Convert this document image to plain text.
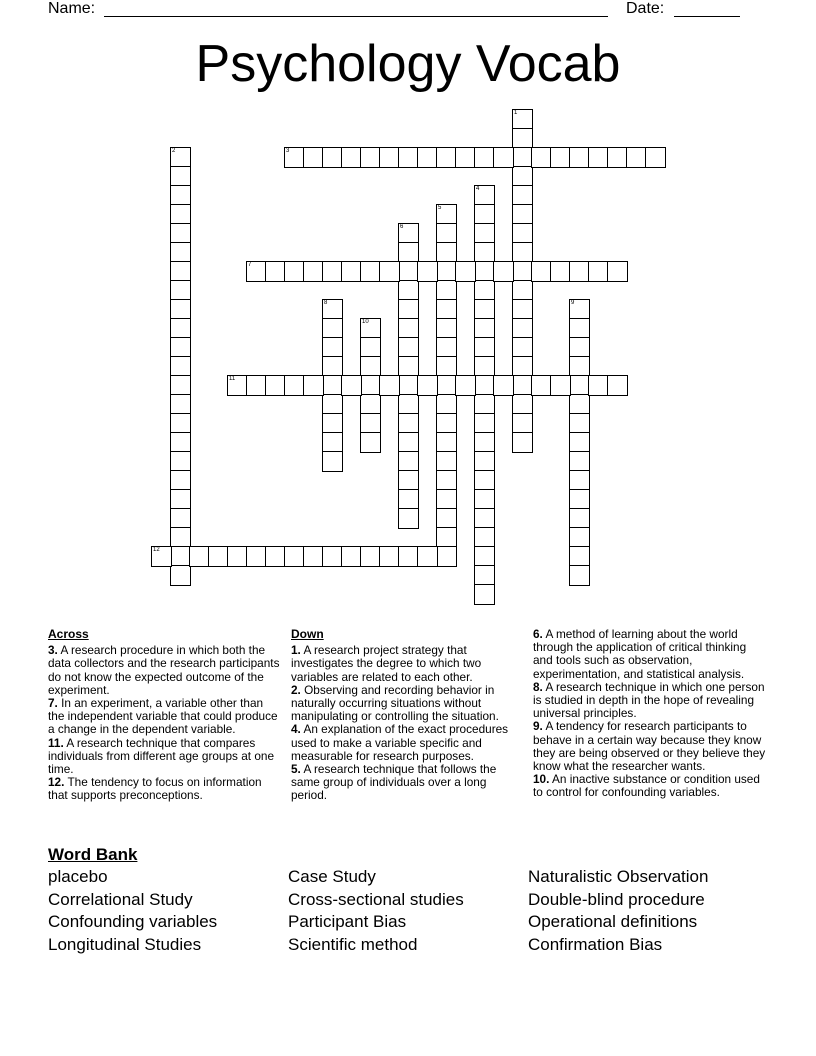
Name:	Date:
Psychology Vocab
1
2	3
4
5
6
7
8	9
10
11
12
Across

3. A research procedure in which both the data collectors and the research participants do not know the expected outcome of the experiment.

7. In an experiment, a variable other than the independent variable that could produce a change in the dependent variable.

11. A research technique that compares individuals from different age groups at one time.

12. The tendency to focus on information that supports preconceptions.

Down

1. A research project strategy that investigates the degree to which two variables are related to each other.

2. Observing and recording behavior in naturally occurring situations without manipulating or controlling the situation.

4. An explanation of the exact procedures used to make a variable specific and measurable for research purposes.

5. A research technique that follows the same group of individuals over a long period.

6. A method of learning about the world through the application of critical thinking and tools such as observation, experimentation, and statistical analysis.

8. A research technique in which one person is studied in depth in the hope of revealing universal principles.

9. A tendency for research participants to behave in a certain way because they know they are being observed or they believe they know what the researcher wants.

10. An inactive substance or condition used to control for confounding variables.

Word Bank
placebo	Case Study	Naturalistic Observation
Correlational Study	Cross-sectional studies	Double-blind procedure
Confounding variables	Participant Bias	Operational definitions
Longitudinal Studies	Scientific method	Confirmation Bias
